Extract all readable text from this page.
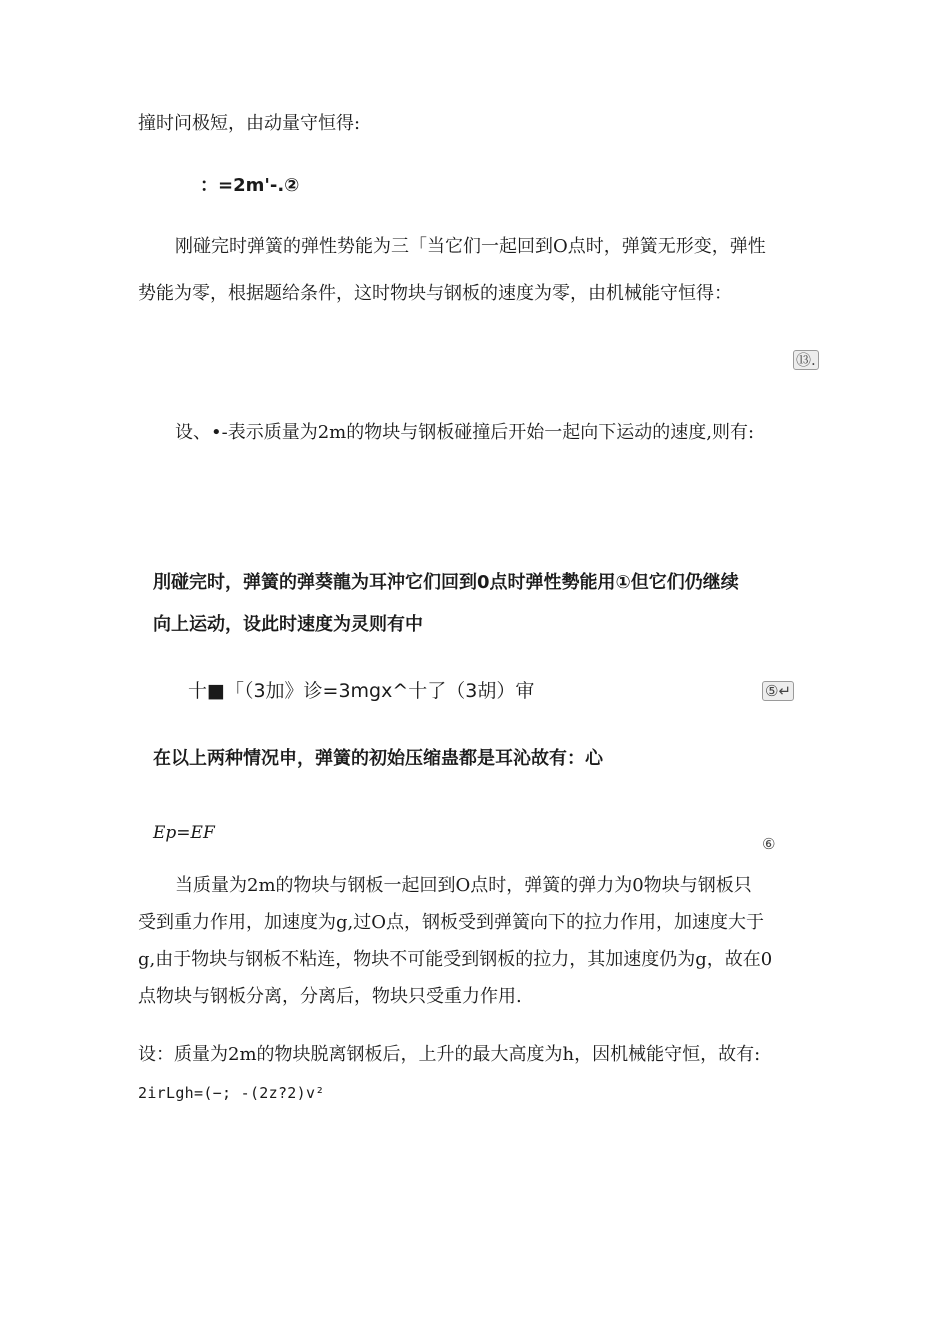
撞时问极短，由动量守恒得:
：=2m'-.②
刚碰完时弹簧的弹性势能为三「当它们一起回到O点时，弹簧无形变，弹性
势能为零，根据题给条件，这时物块与钢板的速度为零，由机械能守恒得：
⑬.
设、•-表示质量为2m的物块与钢板碰撞后开始一起向下运动的速度,则有:
刖碰完时，弹簧的弹葵龍为耳沖它们回到0点时弹性勢能用①但它们仍继续
向上运动，设此时速度为灵则有中
十■「（3加》诊=3mgx^十了（3胡）审	⑤↵
在以上两种情况申，弹簧的初始压缩蛊都是耳沁故有：心
Ep=EF
⑥
当质量为2m的物块与钢板一起回到O点时，弹簧的弹力为0物块与钢板只
受到重力作用，加速度为g,过O点，钢板受到弹簧向下的拉力作用，加速度大于
g,由于物块与钢板不粘连，物块不可能受到钢板的拉力，其加速度仍为g，故在0
点物块与钢板分离，分离后，物块只受重力作用.
设：质量为2m的物块脱离钢板后，上升的最大高度为h，因机械能守恒，故有:
2irLgh=(−; -(2z?2)v²
